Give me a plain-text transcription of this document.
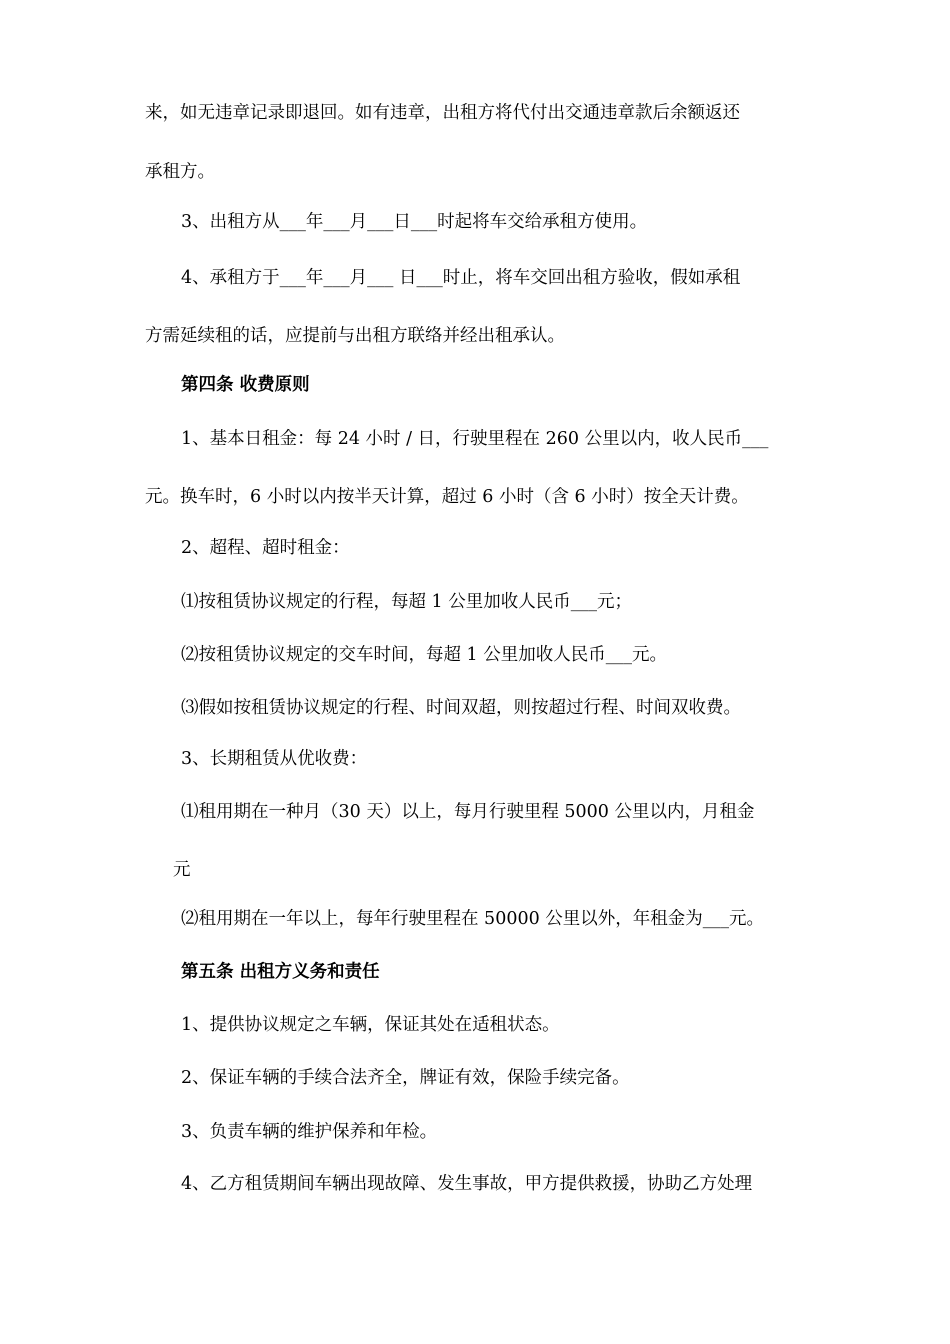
来，如无违章记录即退回。如有违章，出租方将代付出交通违章款后余额返还
承租方。
3、出租方从___年___月___日___时起将车交给承租方使用。
4、承租方于___年___月___ 日___时止，将车交回出租方验收，假如承租
方需延续租的话，应提前与出租方联络并经出租承认。
第四条 收费原则
1、基本日租金：每 24 小时 / 日，行驶里程在 260 公里以内，收人民币___
元。换车时，6 小时以内按半天计算，超过 6 小时（含 6 小时）按全天计费。
2、超程、超时租金：
⑴按租赁协议规定的行程，每超 1 公里加收人民币___元；
⑵按租赁协议规定的交车时间，每超 1 公里加收人民币___元。
⑶假如按租赁协议规定的行程、时间双超，则按超过行程、时间双收费。
3、长期租赁从优收费：
⑴租用期在一种月（30 天）以上，每月行驶里程 5000 公里以内，月租金
元
⑵租用期在一年以上，每年行驶里程在 50000 公里以外，年租金为___元。
第五条 出租方义务和责任
1、提供协议规定之车辆，保证其处在适租状态。
2、保证车辆的手续合法齐全，牌证有效，保险手续完备。
3、负责车辆的维护保养和年检。
4、乙方租赁期间车辆出现故障、发生事故，甲方提供救援，协助乙方处理
